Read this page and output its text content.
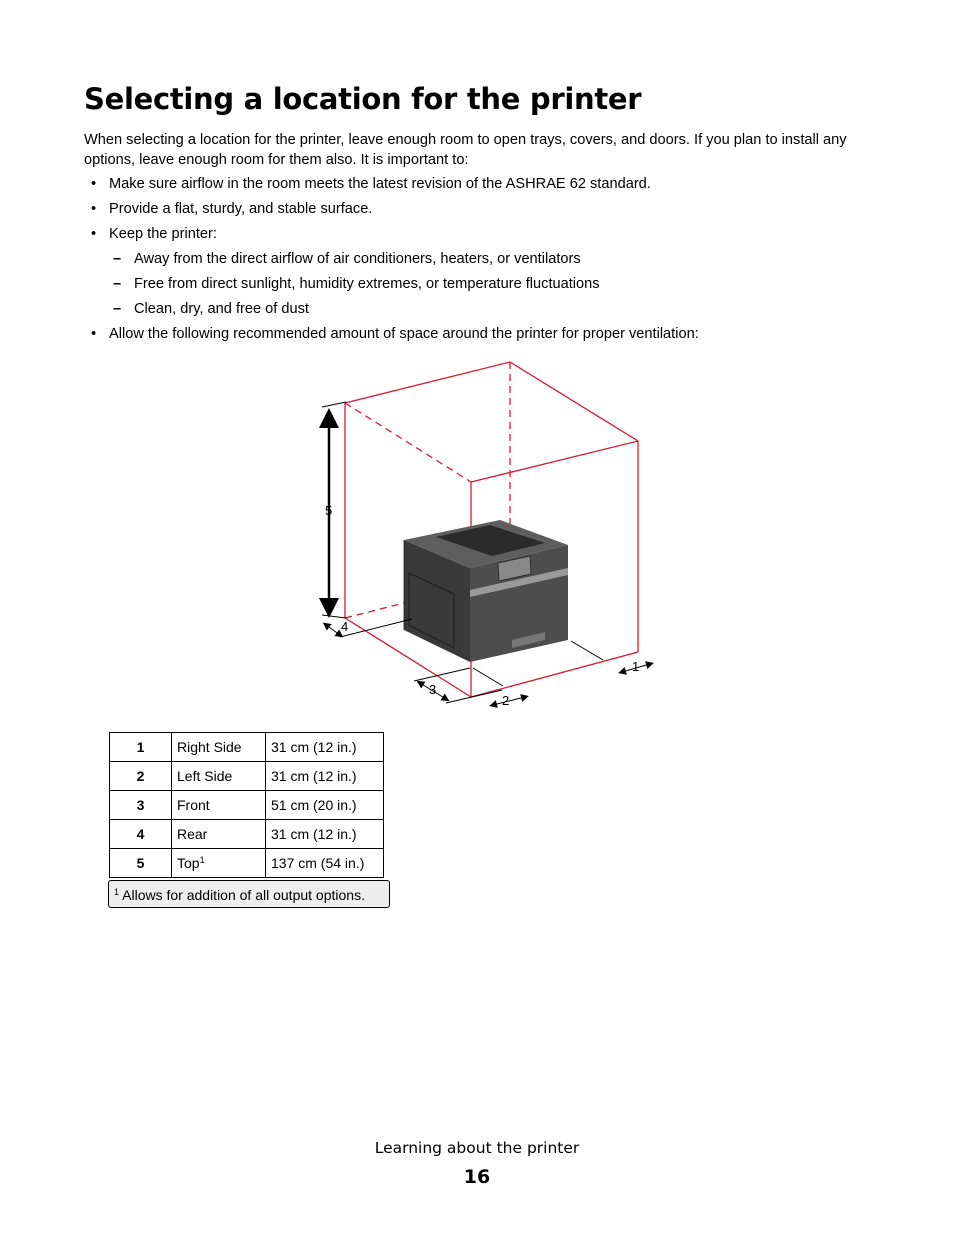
Selecting a location for the printer

When selecting a location for the printer, leave enough room to open trays, covers, and doors. If you plan to install any options, leave enough room for them also. It is important to:

• Make sure airflow in the room meets the latest revision of the ASHRAE 62 standard.
• Provide a flat, sturdy, and stable surface.
• Keep the printer:
– Away from the direct airflow of air conditioners, heaters, or ventilators
– Free from direct sunlight, humidity extremes, or temperature fluctuations
– Clean, dry, and free of dust
• Allow the following recommended amount of space around the printer for proper ventilation:
1
2
3
4
5
1	Right Side	31 cm (12 in.)
2	Left Side	31 cm (12 in.)
3	Front	51 cm (20 in.)
4	Rear	31 cm (12 in.)
5	Top$^1$	137 cm (54 in.)
$^1$ Allows for addition of all output options.
Learning about the printer
16
